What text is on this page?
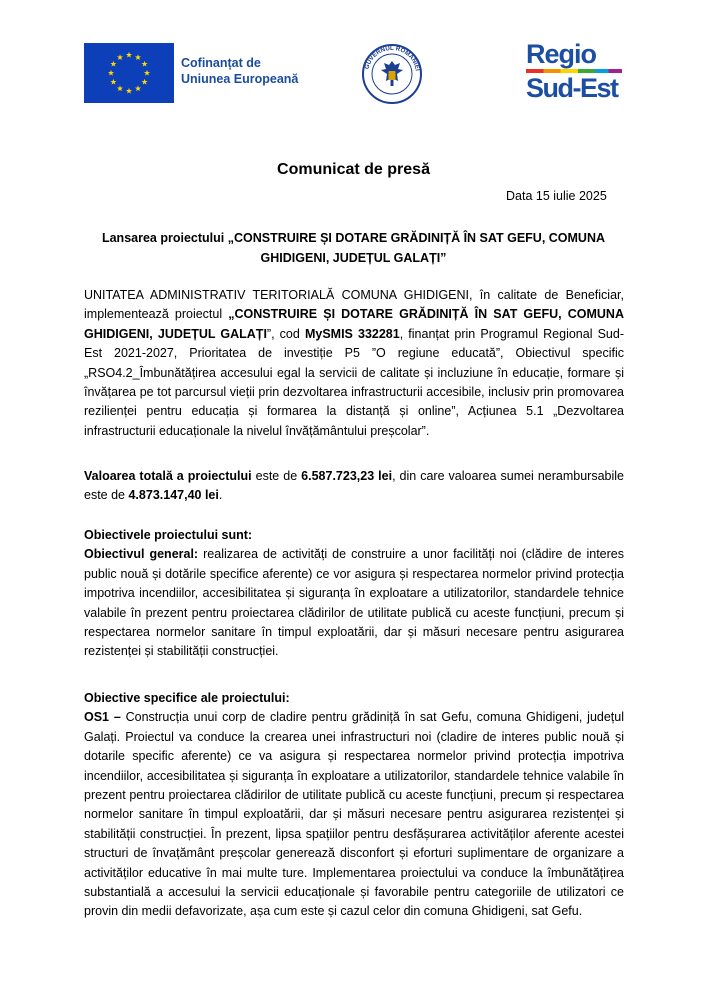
Cofinanțat de
Uniunea Europeană
GUVERNUL ROMÂNIEI
Regio
Sud-Est
Comunicat de presă
Data 15 iulie 2025
Lansarea proiectului „CONSTRUIRE ȘI DOTARE GRĂDINIȚĂ ÎN SAT GEFU, COMUNA GHIDIGENI, JUDEȚUL GALAȚI”

UNITATEA ADMINISTRATIV TERITORIALĂ COMUNA GHIDIGENI, în calitate de Beneficiar, implementează proiectul „CONSTRUIRE ȘI DOTARE GRĂDINIȚĂ ÎN SAT GEFU, COMUNA GHIDIGENI, JUDEȚUL GALAȚI”, cod MySMIS 332281, finanțat prin Programul Regional Sud-Est 2021-2027, Prioritatea de investiție P5 ”O regiune educată”, Obiectivul specific „RSO4.2_Îmbunătățirea accesului egal la servicii de calitate și incluziune în educație, formare și învățarea pe tot parcursul vieții prin dezvoltarea infrastructurii accesibile, inclusiv prin promovarea rezilienței pentru educația și formarea la distanță și online”, Acțiunea 5.1 „Dezvoltarea infrastructurii educaționale la nivelul învățământului preșcolar”.

Valoarea totală a proiectului este de 6.587.723,23 lei, din care valoarea sumei nerambursabile este de 4.873.147,40 lei.

Obiectivele proiectului sunt:

Obiectivul general: realizarea de activități de construire a unor facilități noi (clădire de interes public nouă și dotările specifice aferente) ce vor asigura și respectarea normelor privind protecția impotriva incendiilor, accesibilitatea și siguranța în exploatare a utilizatorilor, standardele tehnice valabile în prezent pentru proiectarea clădirilor de utilitate publică cu aceste funcțiuni, precum și respectarea normelor sanitare în timpul exploatării, dar și măsuri necesare pentru asigurarea rezistenței și stabilității construcției.

Obiective specifice ale proiectului:

OS1 – Construcția unui corp de cladire pentru grădiniță în sat Gefu, comuna Ghidigeni, județul Galați. Proiectul va conduce la crearea unei infrastructuri noi (cladire de interes public nouă și dotarile specific aferente) ce va asigura și respectarea normelor privind protecția impotriva incendiilor, accesibilitatea și siguranța în exploatare a utilizatorilor, standardele tehnice valabile în prezent pentru proiectarea clădirilor de utilitate publică cu aceste funcțiuni, precum și respectarea normelor sanitare în timpul exploatării, dar și măsuri necesare pentru asigurarea rezistenței și stabilității construcției. În prezent, lipsa spațiilor pentru desfășurarea activităților aferente acestei structuri de învațământ preșcolar generează disconfort și eforturi suplimentare de organizare a activităților educative în mai multe ture. Implementarea proiectului va conduce la îmbunătățirea substantială a accesului la servicii educaționale și favorabile pentru categoriile de utilizatori ce provin din medii defavorizate, așa cum este și cazul celor din comuna Ghidigeni, sat Gefu.
